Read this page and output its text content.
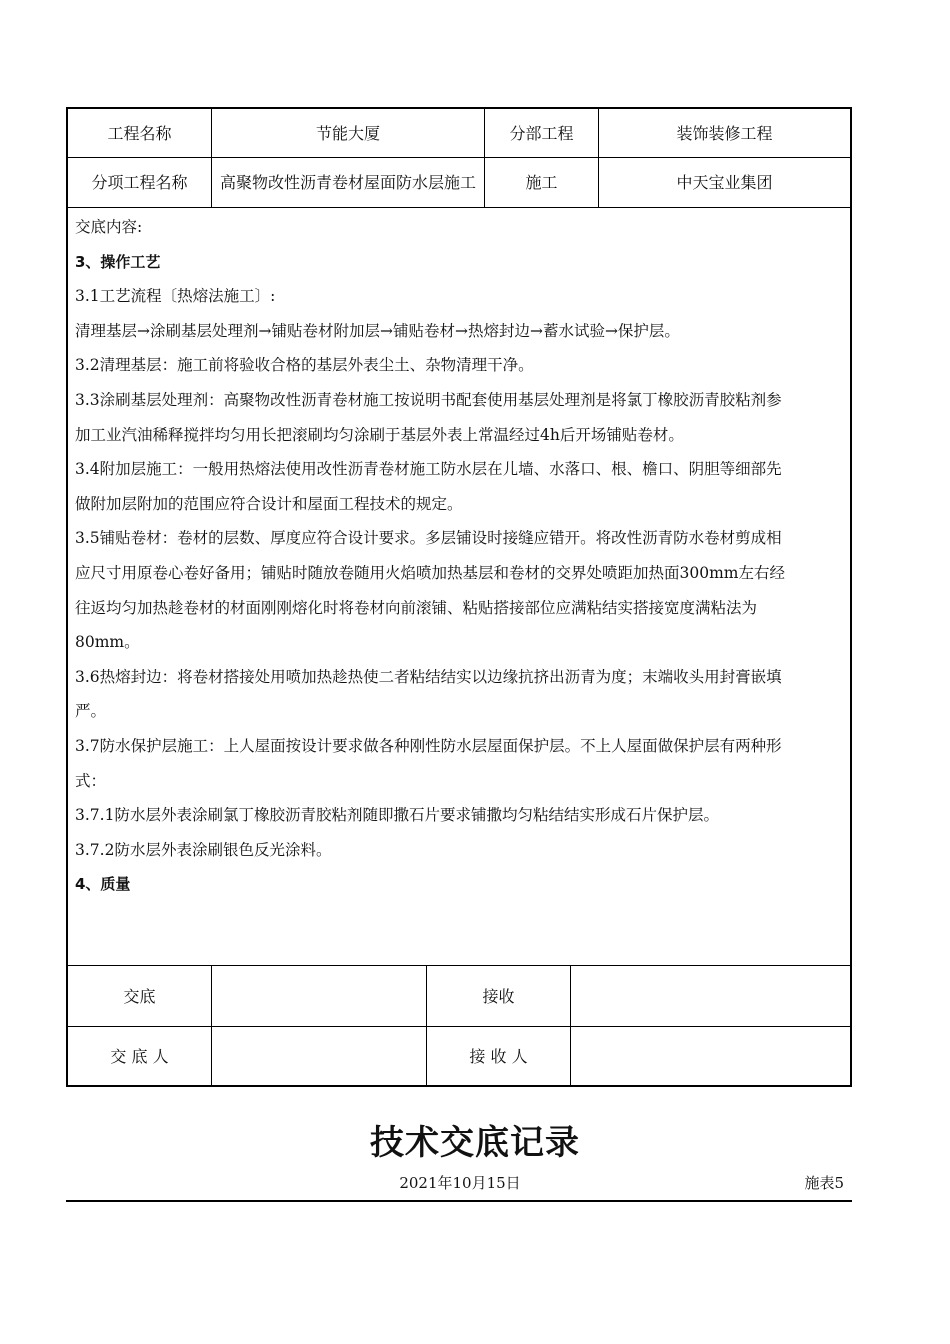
工程名称	节能大厦	分部工程	装饰装修工程
分项工程名称	高聚物改性沥青卷材屋面防水层施工	施工	中天宝业集团
交底	接收
交 底 人	接 收 人
交底内容:
3、操作工艺
3.1工艺流程〔热熔法施工〕:
清理基层→涂刷基层处理剂→铺贴卷材附加层→铺贴卷材→热熔封边→蓄水试验→保护层。
3.2清理基层：施工前将验收合格的基层外表尘土、杂物清理干净。
3.3涂刷基层处理剂：高聚物改性沥青卷材施工按说明书配套使用基层处理剂是将氯丁橡胶沥青胶粘剂参
加工业汽油稀释搅拌均匀用长把滚刷均匀涂刷于基层外表上常温经过4h后开场铺贴卷材。
3.4附加层施工：一般用热熔法使用改性沥青卷材施工防水层在儿墙、水落口、根、檐口、阴胆等细部先
做附加层附加的范围应符合设计和屋面工程技术的规定。
3.5铺贴卷材：卷材的层数、厚度应符合设计要求。多层铺设时接缝应错开。将改性沥青防水卷材剪成相
应尺寸用原卷心卷好备用；铺贴时随放卷随用火焰喷加热基层和卷材的交界处喷距加热面300mm左右经
往返均匀加热趁卷材的材面刚刚熔化时将卷材向前滚铺、粘贴搭接部位应满粘结实搭接宽度满粘法为
80mm。
3.6热熔封边：将卷材搭接处用喷加热趁热使二者粘结结实以边缘抗挤出沥青为度；末端收头用封膏嵌填
严。
3.7防水保护层施工：上人屋面按设计要求做各种刚性防水层屋面保护层。不上人屋面做保护层有两种形
式：
3.7.1防水层外表涂刷氯丁橡胶沥青胶粘剂随即撒石片要求铺撒均匀粘结结实形成石片保护层。
3.7.2防水层外表涂刷银色反光涂料。
4、质量
技术交底记录
2021年10月15日	施表5
